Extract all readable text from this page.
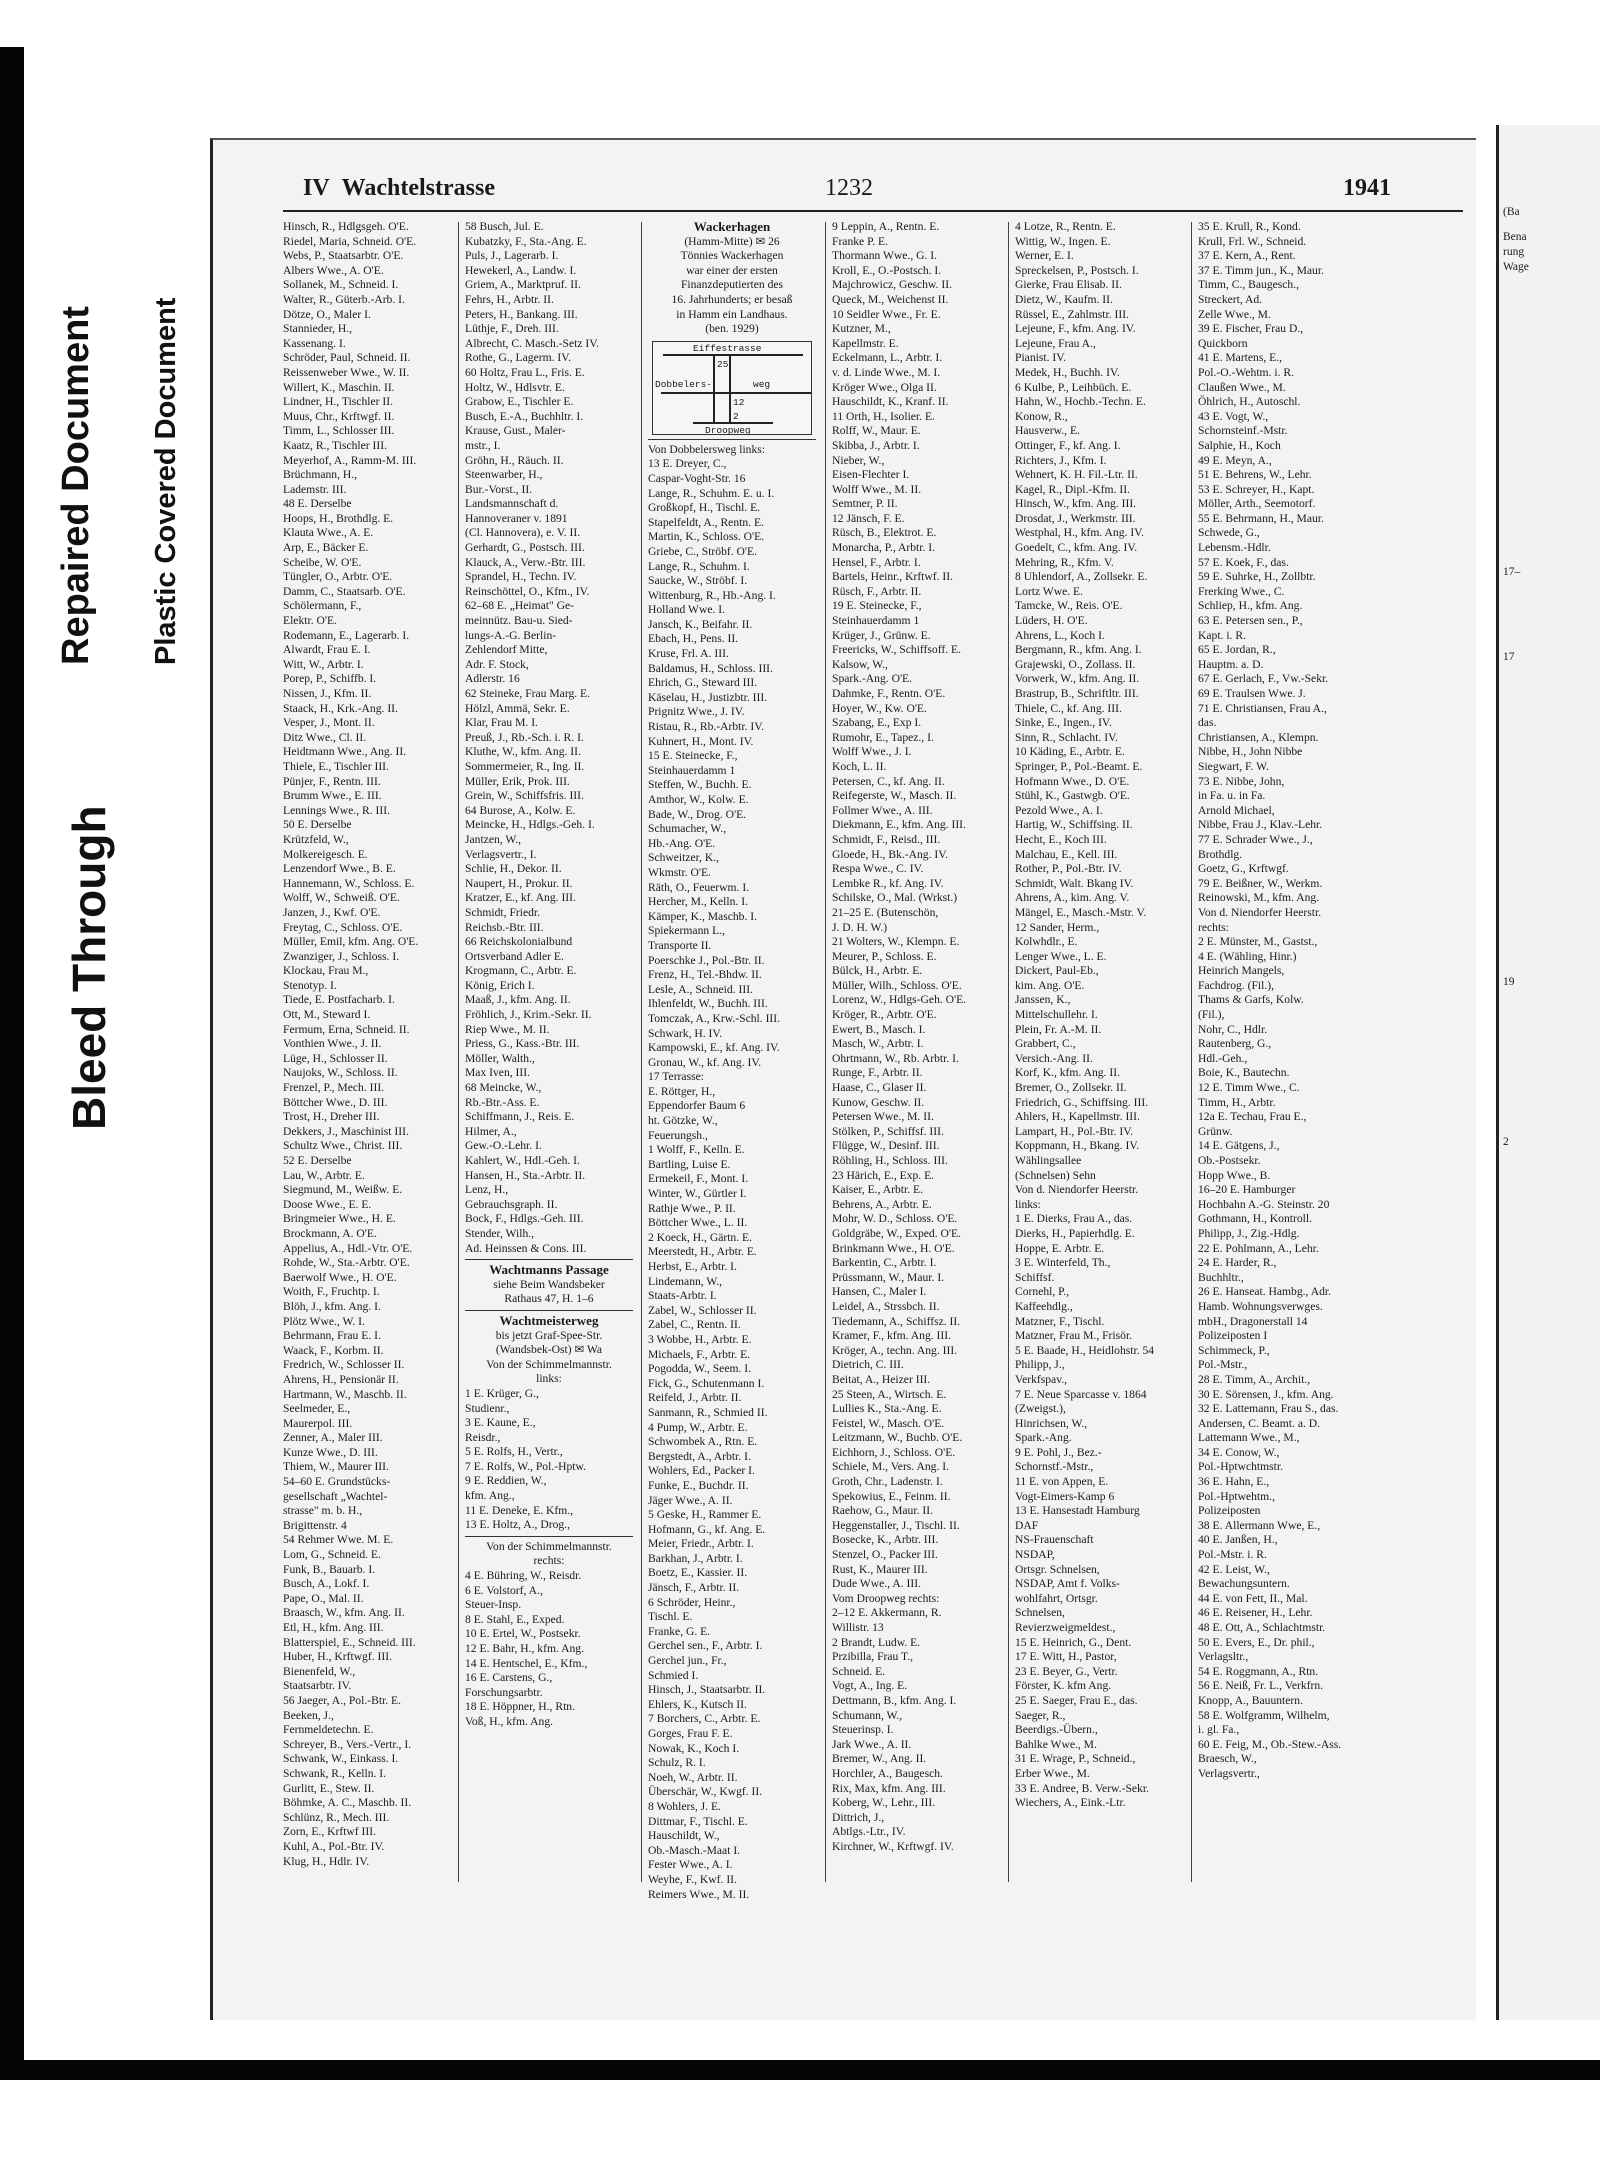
Bleed Through
Repaired Document Plastic Covered Document
IV Wachtelstrasse	1232	1941
Hinsch, R., Hdlgsgeh. O'E.
Riedel, Maria, Schneid. O'E.
Webs, P., Staatsarbtr. O'E.
Albers Wwe., A. O'E.
Sollanek, M., Schneid. I.
Walter, R., Güterb.-Arb. I.
Dötze, O., Maler I.
Stannieder, H.,
Kassenang. I.
Schröder, Paul, Schneid. II.
Reissenweber Wwe., W. II.
Willert, K., Maschin. II.
Lindner, H., Tischler II.
Muus, Chr., Krftwgf. II.
Timm, L., Schlosser III.
Kaatz, R., Tischler III.
Meyerhof, A., Ramm-M. III.
Brüchmann, H.,
Lademstr. III.
48 E. Derselbe
Hoops, H., Brothdlg. E.
Klauta Wwe., A. E.
Arp, E., Bäcker E.
Scheibe, W. O'E.
Tüngler, O., Arbtr. O'E.
Damm, C., Staatsarb. O'E.
Schölermann, F.,
Elektr. O'E.
Rodemann, E., Lagerarb. I.
Alwardt, Frau E. I.
Witt, W., Arbtr. I.
Porep, P., Schiffb. I.
Nissen, J., Kfm. II.
Staack, H., Krk.-Ang. II.
Vesper, J., Mont. II.
Ditz Wwe., Cl. II.
Heidtmann Wwe., Ang. II.
Thiele, E., Tischler III.
Pünjer, F., Rentn. III.
Brumm Wwe., E. III.
Lennings Wwe., R. III.
50 E. Derselbe
Krützfeld, W.,
Molkereigesch. E.
Lenzendorf Wwe., B. E.
Hannemann, W., Schloss. E.
Wolff, W., Schweiß. O'E.
Janzen, J., Kwf. O'E.
Freytag, C., Schloss. O'E.
Müller, Emil, kfm. Ang. O'E.
Zwanziger, J., Schloss. I.
Klockau, Frau M.,
Stenotyp. I.
Tiede, E. Postfacharb. I.
Ott, M., Steward I.
Fermum, Erna, Schneid. II.
Vonthien Wwe., J. II.
Lüge, H., Schlosser II.
Naujoks, W., Schloss. II.
Frenzel, P., Mech. III.
Böttcher Wwe., D. III.
Trost, H., Dreher III.
Dekkers, J., Maschinist III.
Schultz Wwe., Christ. III.
52 E. Derselbe
Lau, W., Arbtr. E.
Siegmund, M., Weißw. E.
Doose Wwe., E. E.
Bringmeier Wwe., H. E.
Brockmann, A. O'E.
Appelius, A., Hdl.-Vtr. O'E.
Rohde, W., Sta.-Arbtr. O'E.
Baerwolf Wwe., H. O'E.
Woith, F., Fruchtp. I.
Blöh, J., kfm. Ang. I.
Plötz Wwe., W. I.
Behrmann, Frau E. I.
Waack, F., Korbm. II.
Fredrich, W., Schlosser II.
Ahrens, H., Pensionär II.
Hartmann, W., Maschb. II.
Seelmeder, E.,
Maurerpol. III.
Zenner, A., Maler III.
Kunze Wwe., D. III.
Thiem, W., Maurer III.
54–60 E. Grundstücks-
gesellschaft „Wachtel-
strasse" m. b. H.,
Brigittenstr. 4
54 Rehmer Wwe. M. E.
Lom, G., Schneid. E.
Funk, B., Bauarb. I.
Busch, A., Lokf. I.
Pape, O., Mal. II.
Braasch, W., kfm. Ang. II.
Etl, H., kfm. Ang. III.
Blatterspiel, E., Schneid. III.
Huber, H., Krftwgf. III.
Bienenfeld, W.,
Staatsarbtr. IV.
56 Jaeger, A., Pol.-Btr. E.
Beeken, J.,
Fernmeldetechn. E.
Schreyer, B., Vers.-Vertr., I.
Schwank, W., Einkass. I.
Schwank, R., Kelln. I.
Gurlitt, E., Stew. II.
Böhmke, A. C., Maschb. II.
Schlünz, R., Mech. III.
Zorn, E., Krftwf III.
Kuhl, A., Pol.-Btr. IV.
Klug, H., Hdlr. IV.
58 Busch, Jul. E.
Kubatzky, F., Sta.-Ang. E.
Puls, J., Lagerarb. I.
Hewekerl, A., Landw. I.
Griem, A., Marktpruf. II.
Fehrs, H., Arbtr. II.
Peters, H., Bankang. III.
Lüthje, F., Dreh. III.
Albrecht, C. Masch.-Setz IV.
Rothe, G., Lagerm. IV.
60 Holtz, Frau L., Fris. E.
Holtz, W., Hdlsvtr. E.
Grabow, E., Tischler E.
Busch, E.-A., Buchhltr. I.
Krause, Gust., Maler-
mstr., I.
Gröhn, H., Räuch. II.
Steenwarber, H.,
Bur.-Vorst., II.
Landsmannschaft d.
Hannoveraner v. 1891
(Cl. Hannovera), e. V. II.
Gerhardt, G., Postsch. III.
Klauck, A., Verw.-Btr. III.
Sprandel, H., Techn. IV.
Reinschöttel, O., Kfm., IV.
62–68 E. „Heimat" Ge-
meinnütz. Bau-u. Sied-
lungs-A.-G. Berlin-
Zehlendorf Mitte,
Adr. F. Stock,
Adlerstr. 16
62 Steineke, Frau Marg. E.
Hölzl, Ammä, Sekr. E.
Klar, Frau M. I.
Preuß, J., Rb.-Sch. i. R. I.
Kluthe, W., kfm. Ang. II.
Sommermeier, R., Ing. II.
Müller, Erik, Prok. III.
Grein, W., Schiffsfris. III.
64 Burose, A., Kolw. E.
Meincke, H., Hdlgs.-Geh. I.
Jantzen, W.,
Verlagsvertr., I.
Schlie, H., Dekor. II.
Naupert, H., Prokur. II.
Kratzer, E., kf. Ang. III.
Schmidt, Friedr.
Reichsb.-Btr. III.
66 Reichskolonialbund
Ortsverband Adler E.
Krogmann, C., Arbtr. E.
König, Erich I.
Maaß, J., kfm. Ang. II.
Fröhlich, J., Krim.-Sekr. II.
Riep Wwe., M. II.
Priess, G., Kass.-Btr. III.
Möller, Walth.,
Max Iven, III.
68 Meincke, W.,
Rb.-Btr.-Ass. E.
Schiffmann, J., Reis. E.
Hilmer, A.,
Gew.-O.-Lehr. I.
Kahlert, W., Hdl.-Geh. I.
Hansen, H., Sta.-Arbtr. II.
Lenz, H.,
Gebrauchsgraph. II.
Bock, F., Hdlgs.-Geh. III.
Stender, Wilh.,
Ad. Heinssen & Cons. III.
Wachtmanns Passage
siehe Beim Wandsbeker
Rathaus 47, H. 1–6
Wachtmeisterweg
bis jetzt Graf-Spee-Str.
(Wandsbek-Ost) ✉ Wa
Von der Schimmelmannstr.
links:
1 E. Krüger, G.,
Studienr.,
3 E. Kaune, E.,
Reisdr.,
5 E. Rolfs, H., Vertr.,
7 E. Rolfs, W., Pol.-Hptw.
9 E. Reddien, W.,
kfm. Ang.,
11 E. Deneke, E. Kfm.,
13 E. Holtz, A., Drog.,
Von der Schimmelmannstr.
rechts:
4 E. Bühring, W., Reisdr.
6 E. Volstorf, A.,
Steuer-Insp.
8 E. Stahl, E., Exped.
10 E. Ertel, W., Postsekr.
12 E. Bahr, H., kfm. Ang.
14 E. Hentschel, E., Kfm.,
16 E. Carstens, G.,
Forschungsarbtr.
18 E. Höppner, H., Rtn.
Voß, H., kfm. Ang.
Wackerhagen
(Hamm-Mitte) ✉ 26
Tönnies Wackerhagen
war einer der ersten
Finanzdeputierten des
16. Jahrhunderts; er besaß
in Hamm ein Landhaus.
(ben. 1929)
Eiffestrasse
Dobbelers-	weg
Droopweg
25
12
2
Von Dobbelersweg links:
13 E. Dreyer, C.,
Caspar-Voght-Str. 16
Lange, R., Schuhm. E. u. I.
Großkopf, H., Tischl. E.
Stapelfeldt, A., Rentn. E.
Martin, K., Schloss. O'E.
Griebe, C., Ströbf. O'E.
Lange, R., Schuhm. I.
Saucke, W., Ströbf. I.
Wittenburg, R., Hb.-Ang. I.
Holland Wwe. I.
Jansch, K., Beifahr. II.
Ebach, H., Pens. II.
Kruse, Frl. A. III.
Baldamus, H., Schloss. III.
Ehrich, G., Steward III.
Käselau, H., Justizbtr. III.
Prignitz Wwe., J. IV.
Ristau, R., Rb.-Arbtr. IV.
Kuhnert, H., Mont. IV.
15 E. Steinecke, F.,
Steinhauerdamm 1
Steffen, W., Buchh. E.
Amthor, W., Kolw. E.
Bade, W., Drog. O'E.
Schumacher, W.,
Hb.-Ang. O'E.
Schweitzer, K.,
Wkmstr. O'E.
Räth, O., Feuerwm. I.
Hercher, M., Kelln. I.
Kämper, K., Maschb. I.
Spiekermann L.,
Transporte II.
Poerschke J., Pol.-Btr. II.
Frenz, H., Tel.-Bhdw. II.
Lesle, A., Schneid. III.
Ihlenfeldt, W., Buchh. III.
Tomczak, A., Krw.-Schl. III.
Schwark, H. IV.
Kampowski, E., kf. Ang. IV.
Gronau, W., kf. Ang. IV.
17 Terrasse:
E. Röttger, H.,
Eppendorfer Baum 6
ht. Götzke, W.,
Feuerungsh.,
1 Wolff, F., Kelln. E.
Bartling, Luise E.
Ermekeil, F., Mont. I.
Winter, W., Gürtler I.
Rathje Wwe., P. II.
Böttcher Wwe., L. II.
2 Koeck, H., Gärtn. E.
Meerstedt, H., Arbtr. E.
Herbst, E., Arbtr. I.
Lindemann, W.,
Staats-Arbtr. I.
Zabel, W., Schlosser II.
Zabel, C., Rentn. II.
3 Wobbe, H., Arbtr. E.
Michaels, F., Arbtr. E.
Pogodda, W., Seem. I.
Fick, G., Schutenmann I.
Reifeld, J., Arbtr. II.
Sanmann, R., Schmied II.
4 Pump, W., Arbtr. E.
Schwombek A., Rtn. E.
Bergstedt, A., Arbtr. I.
Wohlers, Ed., Packer I.
Funke, E., Buchdr. II.
Jäger Wwe., A. II.
5 Geske, H., Rammer E.
Hofmann, G., kf. Ang. E.
Meier, Friedr., Arbtr. I.
Barkhan, J., Arbtr. I.
Boetz, E., Kassier. II.
Jänsch, F., Arbtr. II.
6 Schröder, Heinr.,
Tischl. E.
Franke, G. E.
Gerchel sen., F., Arbtr. I.
Gerchel jun., Fr.,
Schmied I.
Hinsch, J., Staatsarbtr. II.
Ehlers, K., Kutsch II.
7 Borchers, C., Arbtr. E.
Gorges, Frau F. E.
Nowak, K., Koch I.
Schulz, R. I.
Noeh, W., Arbtr. II.
Überschär, W., Kwgf. II.
8 Wohlers, J. E.
Dittmar, F., Tischl. E.
Hauschildt, W.,
Ob.-Masch.-Maat I.
Fester Wwe., A. I.
Weyhe, F., Kwf. II.
Reimers Wwe., M. II.
9 Leppin, A., Rentn. E.
Franke P. E.
Thormann Wwe., G. I.
Kroll, E., O.-Postsch. I.
Majchrowicz, Geschw. II.
Queck, M., Weichenst II.
10 Seidler Wwe., Fr. E.
Kutzner, M.,
Kapellmstr. E.
Eckelmann, L., Arbtr. I.
v. d. Linde Wwe., M. I.
Kröger Wwe., Olga II.
Hauschildt, K., Kranf. II.
11 Orth, H., Isolier. E.
Rolff, W., Maur. E.
Skibba, J., Arbtr. I.
Nieber, W.,
Eisen-Flechter I.
Wolff Wwe., M. II.
Semtner, P. II.
12 Jänsch, F. E.
Rüsch, B., Elektrot. E.
Monarcha, P., Arbtr. I.
Hensel, F., Arbtr. I.
Bartels, Heinr., Krftwf. II.
Rüsch, F., Arbtr. II.
19 E. Steinecke, F.,
Steinhauerdamm 1
Krüger, J., Grünw. E.
Freericks, W., Schiffsoff. E.
Kalsow, W.,
Spark.-Ang. O'E.
Dahmke, F., Rentn. O'E.
Hoyer, W., Kw. O'E.
Szabang, E., Exp I.
Rumohr, E., Tapez., I.
Wolff Wwe., J. I.
Koch, L. II.
Petersen, C., kf. Ang. II.
Reifegerste, W., Masch. II.
Follmer Wwe., A. III.
Diekmann, E., kfm. Ang. III.
Schmidt, F., Reisd., III.
Gloede, H., Bk.-Ang. IV.
Respa Wwe., C. IV.
Lembke R., kf. Ang. IV.
Schilske, O., Mal. (Wrkst.)
21–25 E. (Butenschön,
J. D. H. W.)
21 Wolters, W., Klempn. E.
Meurer, P., Schloss. E.
Bülck, H., Arbtr. E.
Müller, Wilh., Schloss. O'E.
Lorenz, W., Hdlgs-Geh. O'E.
Kröger, R., Arbtr. O'E.
Ewert, B., Masch. I.
Masch, W., Arbtr. I.
Ohrtmann, W., Rb. Arbtr. I.
Runge, F., Arbtr. II.
Haase, C., Glaser II.
Kunow, Geschw. II.
Petersen Wwe., M. II.
Stölken, P., Schiffsf. III.
Flügge, W., Desinf. III.
Röhling, H., Schloss. III.
23 Härich, E., Exp. E.
Kaiser, E., Arbtr. E.
Behrens, A., Arbtr. E.
Mohr, W. D., Schloss. O'E.
Goldgräbe, W., Exped. O'E.
Brinkmann Wwe., H. O'E.
Barkentin, C., Arbtr. I.
Prüssmann, W., Maur. I.
Hansen, C., Maler I.
Leidel, A., Strssbch. II.
Tiedemann, A., Schiffsz. II.
Kramer, F., kfm. Ang. III.
Kröger, A., techn. Ang. III.
Dietrich, C. III.
Beitat, A., Heizer III.
25 Steen, A., Wirtsch. E.
Lullies K., Sta.-Ang. E.
Feistel, W., Masch. O'E.
Leitzmann, W., Buchb. O'E.
Eichhorn, J., Schloss. O'E.
Schiele, M., Vers. Ang. I.
Groth, Chr., Ladenstr. I.
Spekowius, E., Feinm. II.
Raehow, G., Maur. II.
Heggenstaller, J., Tischl. II.
Bosecke, K., Arbtr. III.
Stenzel, O., Packer III.
Rust, K., Maurer III.
Dude Wwe., A. III.
Vom Droopweg rechts:
2–12 E. Akkermann, R.
Willistr. 13
2 Brandt, Ludw. E.
Przibilla, Frau T.,
Schneid. E.
Vogt, A., Ing. E.
Dettmann, B., kfm. Ang. I.
Schumann, W.,
Steuerinsp. I.
Jark Wwe., A. II.
Bremer, W., Ang. II.
Horchler, A., Baugesch.
Rix, Max, kfm. Ang. III.
Koberg, W., Lehr., III.
Dittrich, J.,
Abtlgs.-Ltr., IV.
Kirchner, W., Krftwgf. IV.
4 Lotze, R., Rentn. E.
Wittig, W., Ingen. E.
Werner, E. I.
Spreckelsen, P., Postsch. I.
Gierke, Frau Elisab. II.
Dietz, W., Kaufm. II.
Rüssel, E., Zahlmstr. III.
Lejeune, F., kfm. Ang. IV.
Lejeune, Frau A.,
Pianist. IV.
Medek, H., Buchh. IV.
6 Kulbe, P., Leihbüch. E.
Hahn, W., Hochb.-Techn. E.
Konow, R.,
Hausverw., E.
Ottinger, F., kf. Ang. I.
Richters, J., Kfm. I.
Wehnert, K. H. Fil.-Ltr. II.
Kagel, R., Dipl.-Kfm. II.
Hinsch, W., kfm. Ang. III.
Drosdat, J., Werkmstr. III.
Westphal, H., kfm. Ang. IV.
Goedelt, C., kfm. Ang. IV.
Mehring, R., Kfm. V.
8 Uhlendorf, A., Zollsekr. E.
Lortz Wwe. E.
Tamcke, W., Reis. O'E.
Lüders, H. O'E.
Ahrens, L., Koch I.
Bergmann, R., kfm. Ang. I.
Grajewski, O., Zollass. II.
Vorwerk, W., kfm. Ang. II.
Brastrup, B., Schriftltr. III.
Thiele, C., kf. Ang. III.
Sinke, E., Ingen., IV.
Sinn, R., Schlacht. IV.
10 Käding, E., Arbtr. E.
Springer, P., Pol.-Beamt. E.
Hofmann Wwe., D. O'E.
Stühl, K., Gastwgb. O'E.
Pezold Wwe., A. I.
Hartig, W., Schiffsing. II.
Hecht, E., Koch III.
Malchau, E., Kell. III.
Rother, P., Pol.-Btr. IV.
Schmidt, Walt. Bkang IV.
Ahrens, A., kim. Ang. V.
Mängel, E., Masch.-Mstr. V.
12 Sander, Herm.,
Kolwhdlr., E.
Lenger Wwe., L. E.
Dickert, Paul-Eb.,
kim. Ang. O'E.
Janssen, K.,
Mittelschullehr. I.
Plein, Fr. A.-M. II.
Grabbert, C.,
Versich.-Ang. II.
Korf, K., kfm. Ang. II.
Bremer, O., Zollsekr. II.
Friedrich, G., Schiffsing. III.
Ahlers, H., Kapellmstr. III.
Lampart, H., Pol.-Btr. IV.
Koppmann, H., Bkang. IV.
Wählingsallee
(Schnelsen) Sehn
Von d. Niendorfer Heerstr.
links:
1 E. Dierks, Frau A., das.
Dierks, H., Papierhdlg. E.
Hoppe, E. Arbtr. E.
3 E. Winterfeld, Th.,
Schiffsf.
Cornehl, P.,
Kaffeehdlg.,
Matzner, F., Tischl.
Matzner, Frau M., Frisör.
5 E. Baade, H., Heidlohstr. 54
Philipp, J.,
Verkfspav.,
7 E. Neue Sparcasse v. 1864
(Zweigst.),
Hinrichsen, W.,
Spark.-Ang.
9 E. Pohl, J., Bez.-
Schornstf.-Mstr.,
11 E. von Appen, E.
Vogt-Eimers-Kamp 6
13 E. Hansestadt Hamburg
DAF
NS-Frauenschaft
NSDAP,
Ortsgr. Schnelsen,
NSDAP, Amt f. Volks-
wohlfahrt, Ortsgr.
Schnelsen,
Revierzweigmeldest.,
15 E. Heinrich, G., Dent.
17 E. Witt, H., Pastor,
23 E. Beyer, G., Vertr.
Förster, K. kfm Ang.
25 E. Saeger, Frau E., das.
Saeger, R.,
Beerdigs.-Übern.,
Bahlke Wwe., M.
31 E. Wrage, P., Schneid.,
Erber Wwe., M.
33 E. Andree, B. Verw.-Sekr.
Wiechers, A., Eink.-Ltr.
35 E. Krull, R., Kond.
Krull, Frl. W., Schneid.
37 E. Kern, A., Rent.
37 E. Timm jun., K., Maur.
Timm, C., Baugesch.,
Streckert, Ad.
Zelle Wwe., M.
39 E. Fischer, Frau D.,
Quickborn
41 E. Martens, E.,
Pol.-O.-Wehtm. i. R.
Claußen Wwe., M.
Öhlrich, H., Autoschl.
43 E. Vogt, W.,
Schornsteinf.-Mstr.
Salphie, H., Koch
49 E. Meyn, A.,
51 E. Behrens, W., Lehr.
53 E. Schreyer, H., Kapt.
Möller, Arth., Seemotorf.
55 E. Behrmann, H., Maur.
Schwede, G.,
Lebensm.-Hdlr.
57 E. Koek, F., das.
59 E. Suhrke, H., Zollbtr.
Frerking Wwe., C.
Schliep, H., kfm. Ang.
63 E. Petersen sen., P.,
Kapt. i. R.
65 E. Jordan, R.,
Hauptm. a. D.
67 E. Gerlach, F., Vw.-Sekr.
69 E. Traulsen Wwe. J.
71 E. Christiansen, Frau A.,
das.
Christiansen, A., Klempn.
Nibbe, H., John Nibbe
Siegwart, F. W.
73 E. Nibbe, John,
in Fa. u. in Fa.
Arnold Michael,
Nibbe, Frau J., Klav.-Lehr.
77 E. Schrader Wwe., J.,
Brothdlg.
Goetz, G., Krftwgf.
79 E. Beißner, W., Werkm.
Reinowski, M., kfm. Ang.
Von d. Niendorfer Heerstr.
rechts:
2 E. Münster, M., Gastst.,
4 E. (Wähling, Hinr.)
Heinrich Mangels,
Fachdrog. (Fil.),
Thams & Garfs, Kolw.
(Fil.),
Nohr, C., Hdlr.
Rautenberg, G.,
Hdl.-Geh.,
Boie, K., Bautechn.
12 E. Timm Wwe., C.
Timm, H., Arbtr.
12a E. Techau, Frau E.,
Grünw.
14 E. Gätgens, J.,
Ob.-Postsekr.
Hopp Wwe., B.
16–20 E. Hamburger
Hochbahn A.-G. Steinstr. 20
Gothmann, H., Kontroll.
Philipp, J., Zig.-Hdlg.
22 E. Pohlmann, A., Lehr.
24 E. Harder, R.,
Buchhltr.,
26 E. Hanseat. Hambg., Adr.
Hamb. Wohnungsverwges.
mbH., Dragonerstall 14
Polizeiposten I
Schimmeck, P.,
Pol.-Mstr.,
28 E. Timm, A., Archit.,
30 E. Sörensen, J., kfm. Ang.
32 E. Lattemann, Frau S., das.
Andersen, C. Beamt. a. D.
Lattemann Wwe., M.,
34 E. Conow, W.,
Pol.-Hptwchtmstr.
36 E. Hahn, E.,
Pol.-Hptwehtm.,
Polizeiposten
38 E. Allermann Wwe, E.,
40 E. Janßen, H.,
Pol.-Mstr. i. R.
42 E. Leist, W.,
Bewachungsuntern.
44 E. von Fett, II., Mal.
46 E. Reisener, H., Lehr.
48 E. Ott, A., Schlachtmstr.
50 E. Evers, E., Dr. phil.,
Verlagsltr.,
54 E. Roggmann, A., Rtn.
56 E. Neiß, Fr. L., Verkfrn.
Knopp, A., Bauuntern.
58 E. Wolfgramm, Wilhelm,
i. gl. Fa.,
60 E. Feig, M., Ob.-Stew.-Ass.
Braesch, W.,
Verlagsvertr.,
(Ba
Bena
rung
Wage
17–
17
19
2
